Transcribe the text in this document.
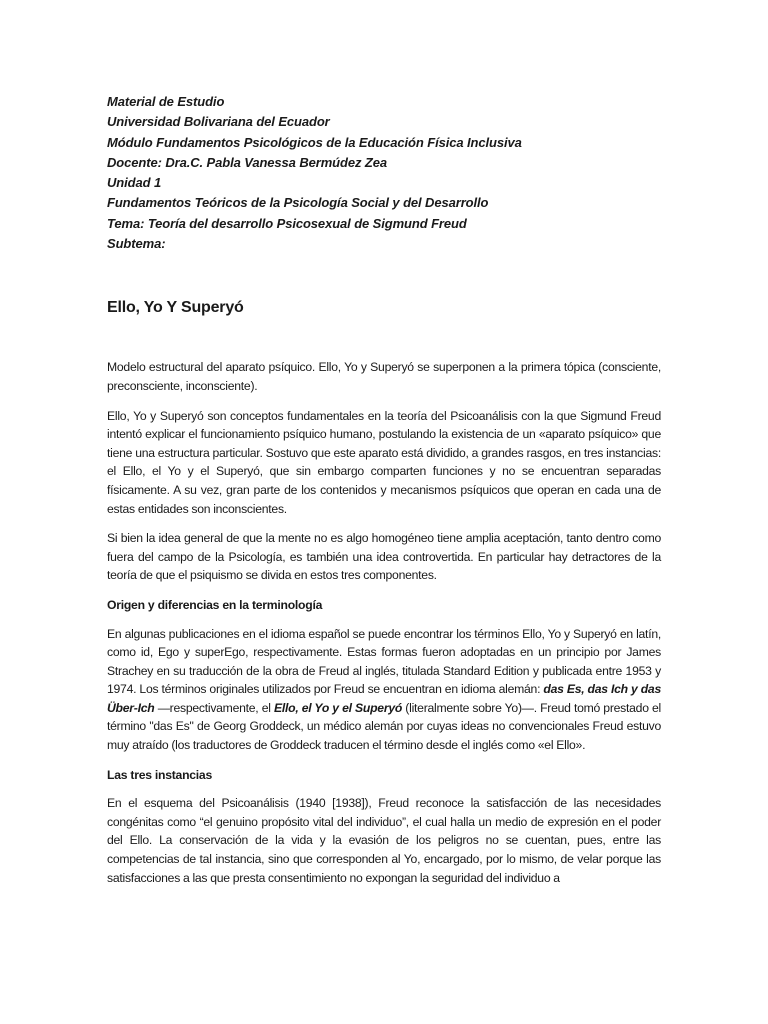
Material de Estudio
Universidad Bolivariana del Ecuador
Módulo Fundamentos Psicológicos de la Educación Física Inclusiva
Docente: Dra.C. Pabla Vanessa Bermúdez Zea
Unidad 1
Fundamentos Teóricos de la Psicología Social y del Desarrollo
Tema: Teoría del desarrollo Psicosexual de Sigmund Freud
Subtema:
Ello, Yo Y Superyó

Modelo estructural del aparato psíquico. Ello, Yo y Superyó se superponen a la primera tópica (consciente, preconsciente, inconsciente).

Ello, Yo y Superyó son conceptos fundamentales en la teoría del Psicoanálisis con la que Sigmund Freud intentó explicar el funcionamiento psíquico humano, postulando la existencia de un «aparato psíquico» que tiene una estructura particular. Sostuvo que este aparato está dividido, a grandes rasgos, en tres instancias: el Ello, el Yo y el Superyó, que sin embargo comparten funciones y no se encuentran separadas físicamente. A su vez, gran parte de los contenidos y mecanismos psíquicos que operan en cada una de estas entidades son inconscientes.

Si bien la idea general de que la mente no es algo homogéneo tiene amplia aceptación, tanto dentro como fuera del campo de la Psicología, es también una idea controvertida. En particular hay detractores de la teoría de que el psiquismo se divida en estos tres componentes.

Origen y diferencias en la terminología

En algunas publicaciones en el idioma español se puede encontrar los términos Ello, Yo y Superyó en latín, como id, Ego y superEgo, respectivamente. Estas formas fueron adoptadas en un principio por James Strachey en su traducción de la obra de Freud al inglés, titulada Standard Edition y publicada entre 1953 y 1974. Los términos originales utilizados por Freud se encuentran en idioma alemán: das Es, das Ich y das Über-Ich —respectivamente, el Ello, el Yo y el Superyó (literalmente sobre Yo)—. Freud tomó prestado el término "das Es" de Georg Groddeck, un médico alemán por cuyas ideas no convencionales Freud estuvo muy atraído (los traductores de Groddeck traducen el término desde el inglés como «el Ello».

Las tres instancias

En el esquema del Psicoanálisis (1940 [1938]), Freud reconoce la satisfacción de las necesidades congénitas como “el genuino propósito vital del individuo”, el cual halla un medio de expresión en el poder del Ello. La conservación de la vida y la evasión de los peligros no se cuentan, pues, entre las competencias de tal instancia, sino que corresponden al Yo, encargado, por lo mismo, de velar porque las satisfacciones a las que presta consentimiento no expongan la seguridad del individuo a
